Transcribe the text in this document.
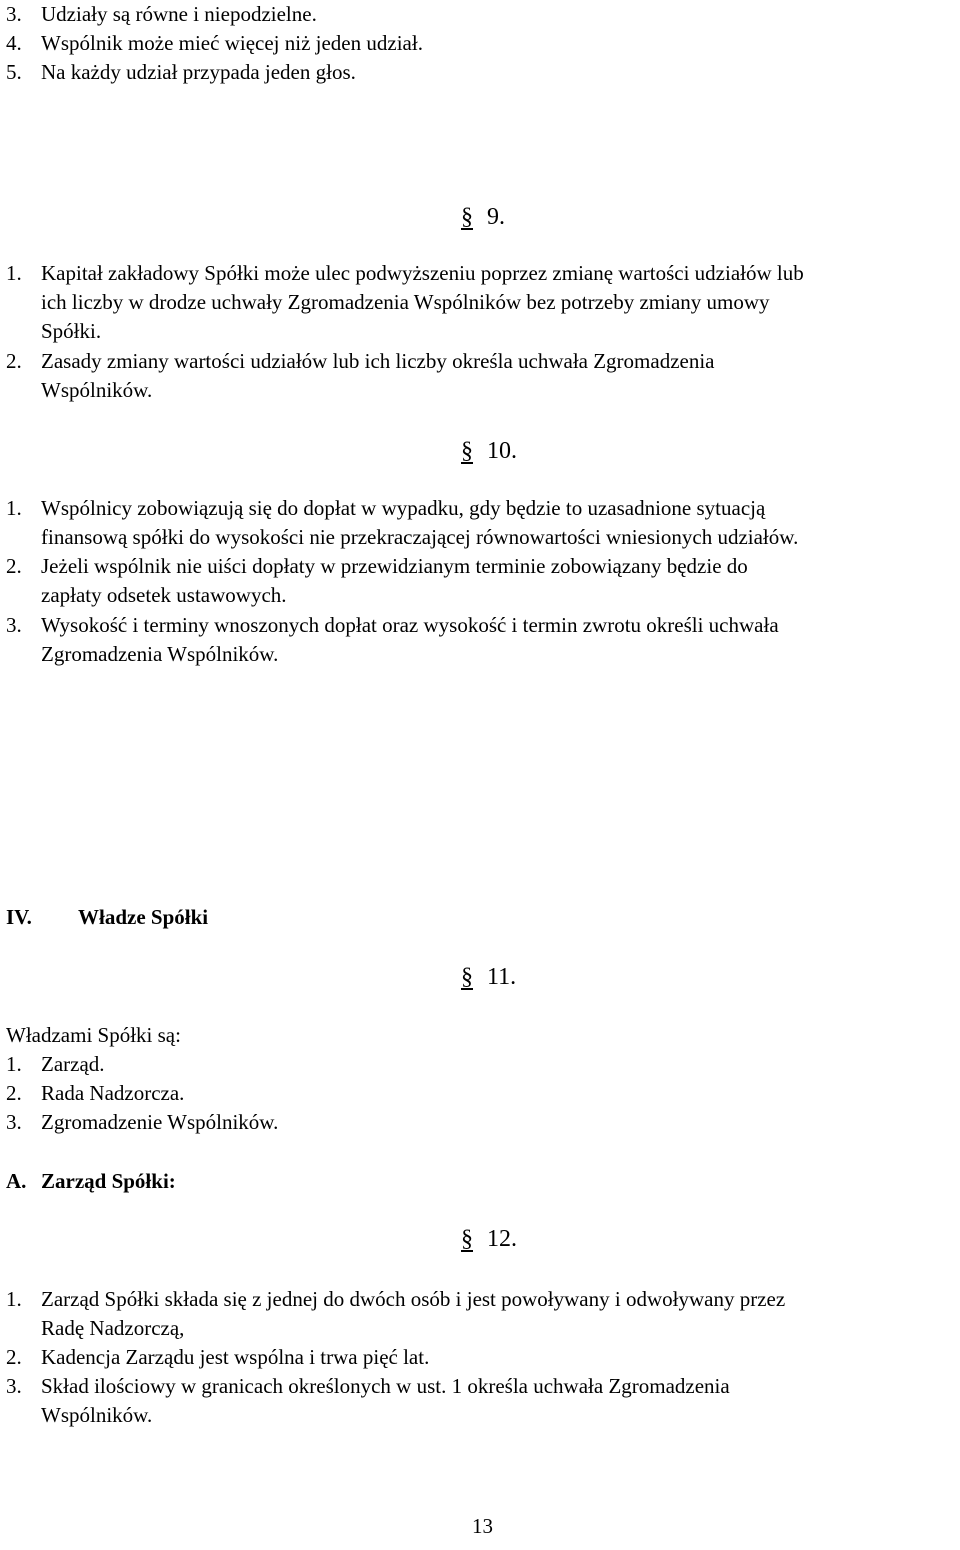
3. Udziały są równe i niepodzielne.
4. Wspólnik może mieć więcej niż jeden udział.
5. Na każdy udział przypada jeden głos.
§ 9.
1. Kapitał zakładowy Spółki może ulec podwyższeniu poprzez zmianę wartości udziałów lub
ich liczby w drodze uchwały Zgromadzenia Wspólników bez potrzeby zmiany umowy
Spółki.
2. Zasady zmiany wartości udziałów lub ich liczby określa uchwała Zgromadzenia
Wspólników.
§ 10.
1. Wspólnicy zobowiązują się do dopłat w wypadku, gdy będzie to uzasadnione sytuacją
finansową spółki do wysokości nie przekraczającej równowartości wniesionych udziałów.
2. Jeżeli wspólnik nie uiści dopłaty w przewidzianym terminie zobowiązany będzie do
zapłaty odsetek ustawowych.
3. Wysokość i terminy wnoszonych dopłat oraz wysokość i termin zwrotu określi uchwała
Zgromadzenia Wspólników.
IV. Władze Spółki
§ 11.
Władzami Spółki są:
1. Zarząd.
2. Rada Nadzorcza.
3. Zgromadzenie Wspólników.
A. Zarząd Spółki:
§ 12.
1. Zarząd Spółki składa się z jednej do dwóch osób i jest powoływany i odwoływany przez
Radę Nadzorczą,
2. Kadencja Zarządu jest wspólna i trwa pięć lat.
3. Skład ilościowy w granicach określonych w ust. 1 określa uchwała Zgromadzenia
Wspólników.
13
